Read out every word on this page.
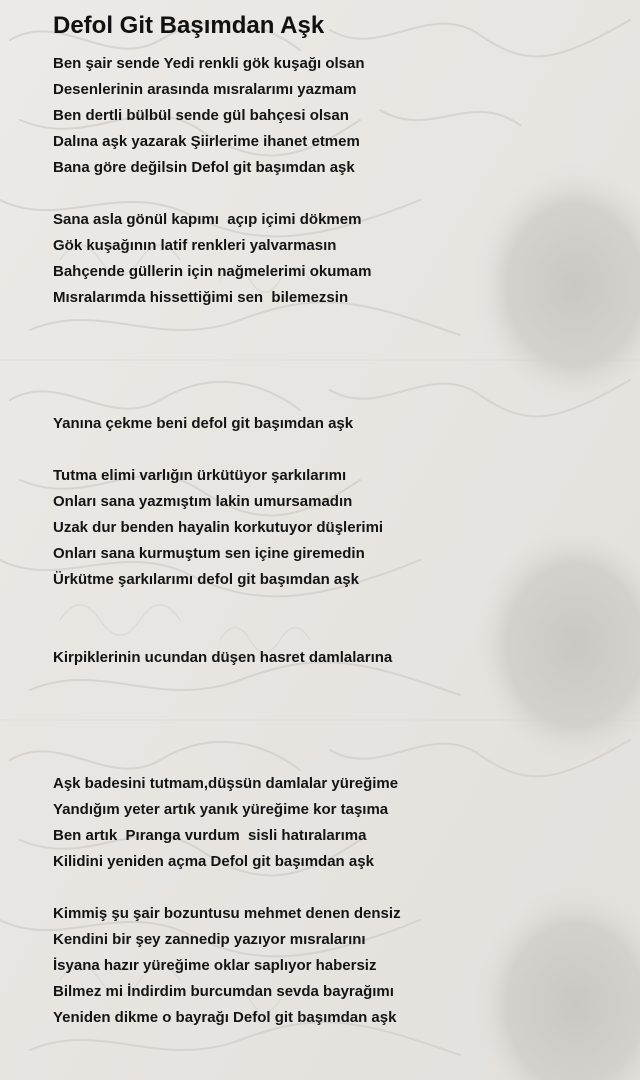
Defol Git Başımdan Aşk
Ben şair sende Yedi renkli gök kuşağı olsan
Desenlerinin arasında mısralarımı yazmam
Ben dertli bülbül sende gül bahçesi olsan
Dalına aşk yazarak Şiirlerime ihanet etmem
Bana göre değilsin Defol git başımdan aşk
Sana asla gönül kapımı  açıp içimi dökmem
Gök kuşağının latif renkleri yalvarmasın
Bahçende güllerin için nağmelerimi okumam
Mısralarımda hissettiğimi sen  bilemezsin
Yanına çekme beni defol git başımdan aşk
Tutma elimi varlığın ürkütüyor şarkılarımı
Onları sana yazmıştım lakin umursamadın
Uzak dur benden hayalin korkutuyor düşlerimi
Onları sana kurmuştum sen içine giremedin
Ürkütme şarkılarımı defol git başımdan aşk
Kirpiklerinin ucundan düşen hasret damlalarına
Aşk badesini tutmam,düşsün damlalar yüreğime
Yandığım yeter artık yanık yüreğime kor taşıma
Ben artık  Pıranga vurdum  sisli hatıralarıma
Kilidini yeniden açma Defol git başımdan aşk
Kimmiş şu şair bozuntusu mehmet denen densiz
Kendini bir şey zannedip yazıyor mısralarını
İsyana hazır yüreğime oklar saplıyor habersiz
Bilmez mi İndirdim burcumdan sevda bayrağımı
Yeniden dikme o bayrağı Defol git başımdan aşk
